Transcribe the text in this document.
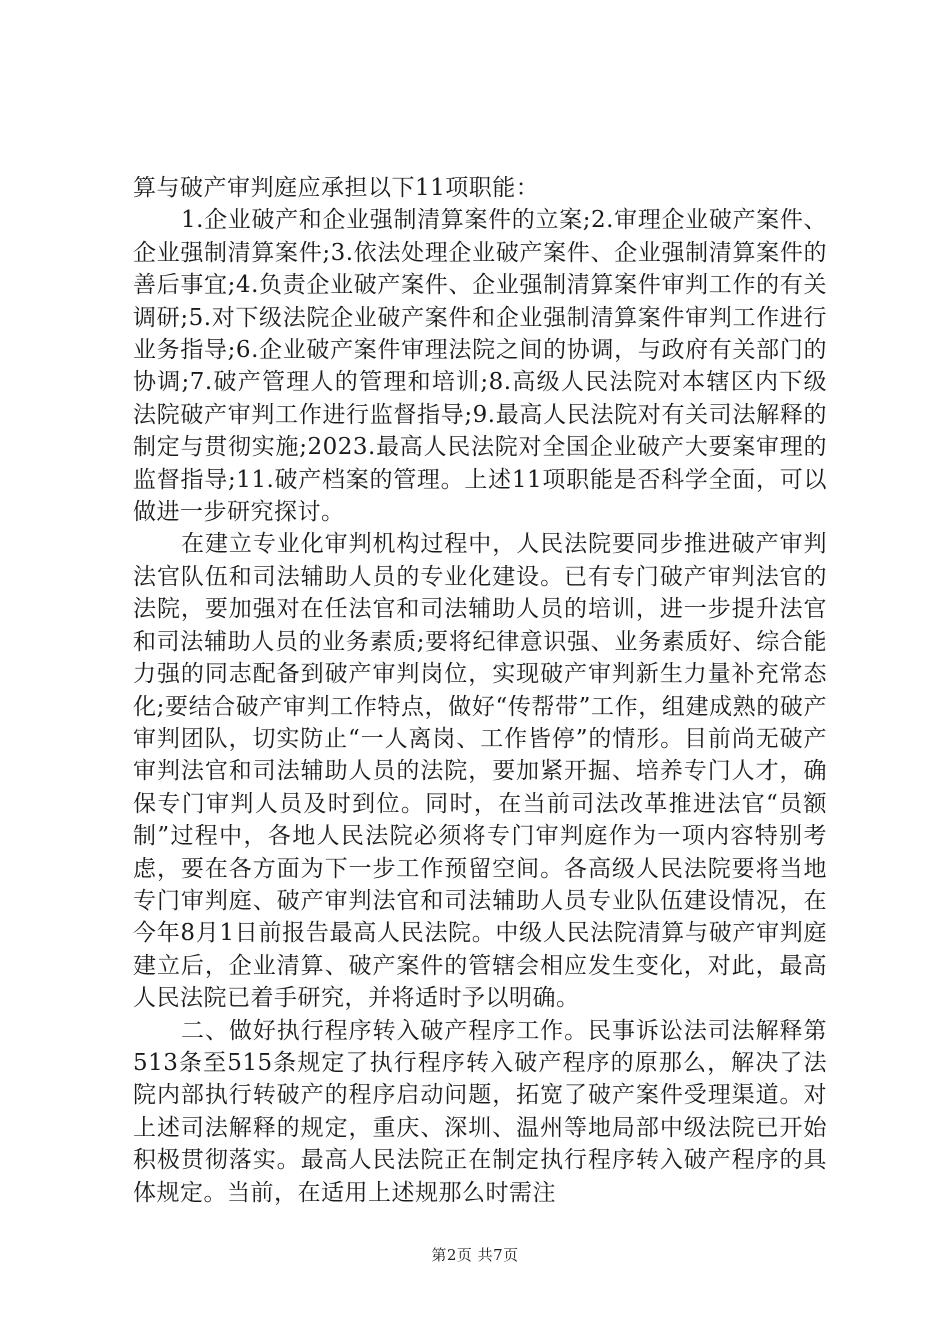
算与破产审判庭应承担以下11项职能：

1.企业破产和企业强制清算案件的立案;2.审理企业破产案件、企业强制清算案件;3.依法处理企业破产案件、企业强制清算案件的善后事宜;4.负责企业破产案件、企业强制清算案件审判工作的有关调研;5.对下级法院企业破产案件和企业强制清算案件审判工作进行业务指导;6.企业破产案件审理法院之间的协调，与政府有关部门的协调;7.破产管理人的管理和培训;8.高级人民法院对本辖区内下级法院破产审判工作进行监督指导;9.最高人民法院对有关司法解释的制定与贯彻实施;2023.最高人民法院对全国企业破产大要案审理的监督指导;11.破产档案的管理。上述11项职能是否科学全面，可以做进一步研究探讨。

在建立专业化审判机构过程中，人民法院要同步推进破产审判法官队伍和司法辅助人员的专业化建设。已有专门破产审判法官的法院，要加强对在任法官和司法辅助人员的培训，进一步提升法官和司法辅助人员的业务素质;要将纪律意识强、业务素质好、综合能力强的同志配备到破产审判岗位，实现破产审判新生力量补充常态化;要结合破产审判工作特点，做好“传帮带”工作，组建成熟的破产审判团队，切实防止“一人离岗、工作皆停”的情形。目前尚无破产审判法官和司法辅助人员的法院，要加紧开掘、培养专门人才，确保专门审判人员及时到位。同时，在当前司法改革推进法官“员额制”过程中，各地人民法院必须将专门审判庭作为一项内容特别考虑，要在各方面为下一步工作预留空间。各高级人民法院要将当地专门审判庭、破产审判法官和司法辅助人员专业队伍建设情况，在今年8月1日前报告最高人民法院。中级人民法院清算与破产审判庭建立后，企业清算、破产案件的管辖会相应发生变化，对此，最高人民法院已着手研究，并将适时予以明确。

二、做好执行程序转入破产程序工作。民事诉讼法司法解释第513条至515条规定了执行程序转入破产程序的原那么，解决了法院内部执行转破产的程序启动问题，拓宽了破产案件受理渠道。对上述司法解释的规定，重庆、深圳、温州等地局部中级法院已开始积极贯彻落实。最高人民法院正在制定执行程序转入破产程序的具体规定。当前，在适用上述规那么时需注

第2页 共7页
